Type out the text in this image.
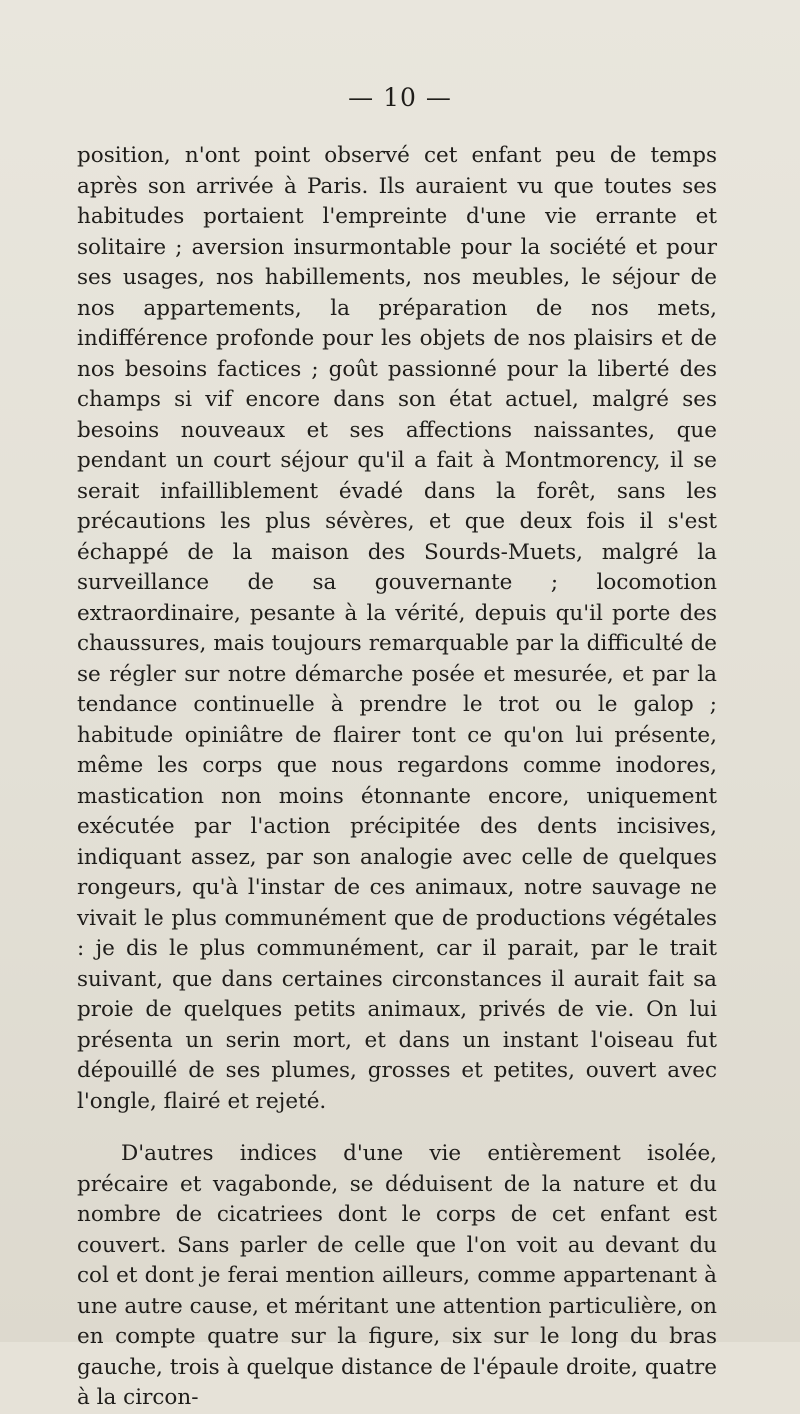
— 10 —

position, n'ont point observé cet enfant peu de temps après son arrivée à Paris. Ils auraient vu que toutes ses habitudes portaient l'empreinte d'une vie errante et solitaire ; aversion insurmontable pour la société et pour ses usages, nos habillements, nos meubles, le séjour de nos appartements, la préparation de nos mets, indifférence profonde pour les objets de nos plaisirs et de nos besoins factices ; goût passionné pour la liberté des champs si vif encore dans son état actuel, malgré ses besoins nouveaux et ses affections naissantes, que pendant un court séjour qu'il a fait à Montmorency, il se serait infailliblement évadé dans la forêt, sans les précautions les plus sévères, et que deux fois il s'est échappé de la maison des Sourds-Muets, malgré la surveillance de sa gouvernante ; locomotion extraordinaire, pesante à la vérité, depuis qu'il porte des chaussures, mais toujours remarquable par la difficulté de se régler sur notre démarche posée et mesurée, et par la tendance continuelle à prendre le trot ou le galop ; habitude opiniâtre de flairer tont ce qu'on lui présente, même les corps que nous regardons comme inodores, mastication non moins étonnante encore, uniquement exécutée par l'action précipitée des dents incisives, indiquant assez, par son analogie avec celle de quelques rongeurs, qu'à l'instar de ces animaux, notre sauvage ne vivait le plus communément que de productions végétales : je dis le plus communément, car il parait, par le trait suivant, que dans certaines circonstances il aurait fait sa proie de quelques petits animaux, privés de vie. On lui présenta un serin mort, et dans un instant l'oiseau fut dépouillé de ses plumes, grosses et petites, ouvert avec l'ongle, flairé et rejeté.

D'autres indices d'une vie entièrement isolée, précaire et vagabonde, se déduisent de la nature et du nombre de cicatriees dont le corps de cet enfant est couvert. Sans parler de celle que l'on voit au devant du col et dont je ferai mention ailleurs, comme appartenant à une autre cause, et méritant une attention particulière, on en compte quatre sur la figure, six sur le long du bras gauche, trois à quelque distance de l'épaule droite, quatre à la circon-
